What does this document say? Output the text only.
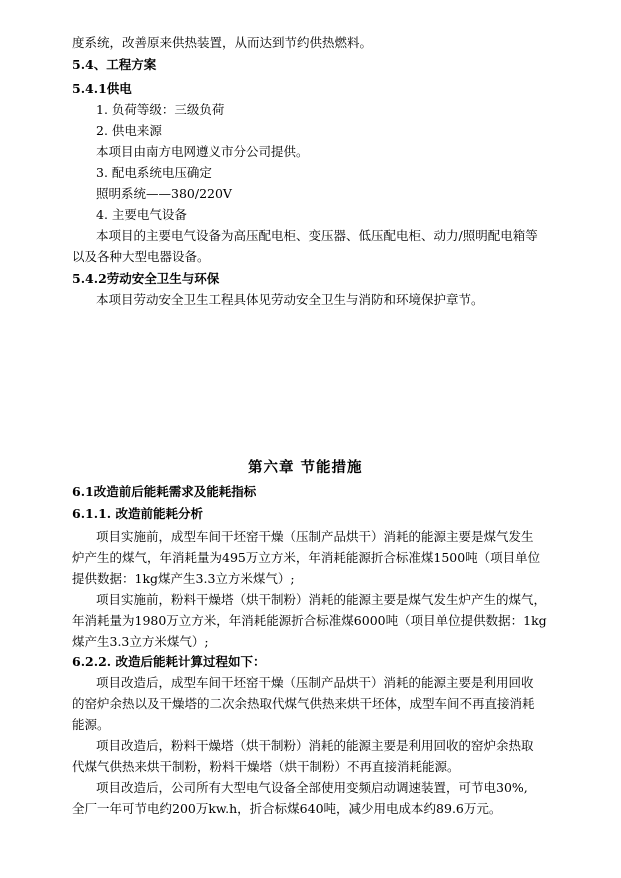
度系统，改善原来供热装置，从而达到节约供热燃料。
5.4、工程方案
5.4.1供电
1. 负荷等级：三级负荷
2. 供电来源
本项目由南方电网遵义市分公司提供。
3. 配电系统电压确定
照明系统——380/220V
4. 主要电气设备
本项目的主要电气设备为高压配电柜、变压器、低压配电柜、动力/照明配电箱等
以及各种大型电器设备。
5.4.2劳动安全卫生与环保
本项目劳动安全卫生工程具体见劳动安全卫生与消防和环境保护章节。
第六章 节能措施
6.1改造前后能耗需求及能耗指标
6.1.1. 改造前能耗分析
项目实施前，成型车间干坯窑干燥（压制产品烘干）消耗的能源主要是煤气发生
炉产生的煤气，年消耗量为495万立方米，年消耗能源折合标准煤1500吨（项目单位
提供数据：1kg煤产生3.3立方米煤气）;
项目实施前，粉料干燥塔（烘干制粉）消耗的能源主要是煤气发生炉产生的煤气，
年消耗量为1980万立方米，年消耗能源折合标准煤6000吨（项目单位提供数据：1kg
煤产生3.3立方米煤气）;
6.2.2. 改造后能耗计算过程如下：
项目改造后，成型车间干坯窑干燥（压制产品烘干）消耗的能源主要是利用回收
的窑炉余热以及干燥塔的二次余热取代煤气供热来烘干坯体，成型车间不再直接消耗
能源。
项目改造后，粉料干燥塔（烘干制粉）消耗的能源主要是利用回收的窑炉余热取
代煤气供热来烘干制粉，粉料干燥塔（烘干制粉）不再直接消耗能源。
项目改造后，公司所有大型电气设备全部使用变频启动调速装置，可节电30%,
全厂一年可节电约200万kw.h，折合标煤640吨，减少用电成本约89.6万元。
